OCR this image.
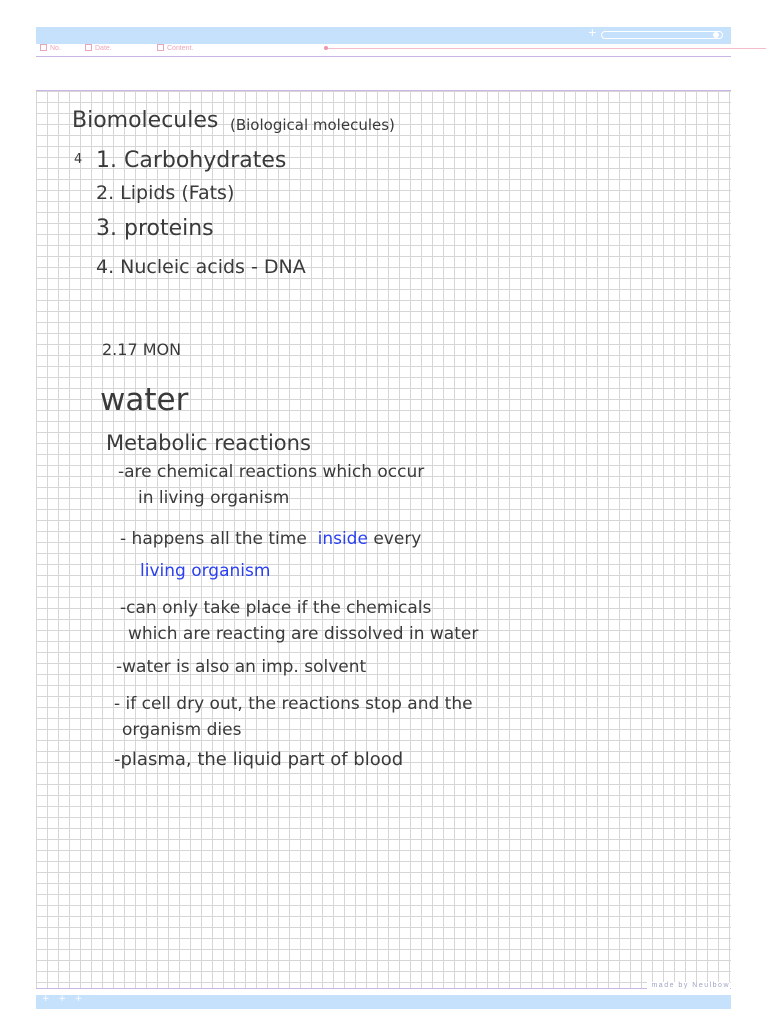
+
No.	Date.	Content.
Biomolecules (Biological molecules)
4 1. Carbohydrates
2. Lipids (Fats)
3. proteins
4. Nucleic acids - DNA
2.17 MON
water
Metabolic reactions
-are chemical reactions which occur
in living organism
- happens all the time inside every
living organism
-can only take place if the chemicals
which are reacting are dissolved in water
-water is also an imp. solvent
- if cell dry out, the reactions stop and the
organism dies
-plasma, the liquid part of blood
made by Neulbow
+ + +
